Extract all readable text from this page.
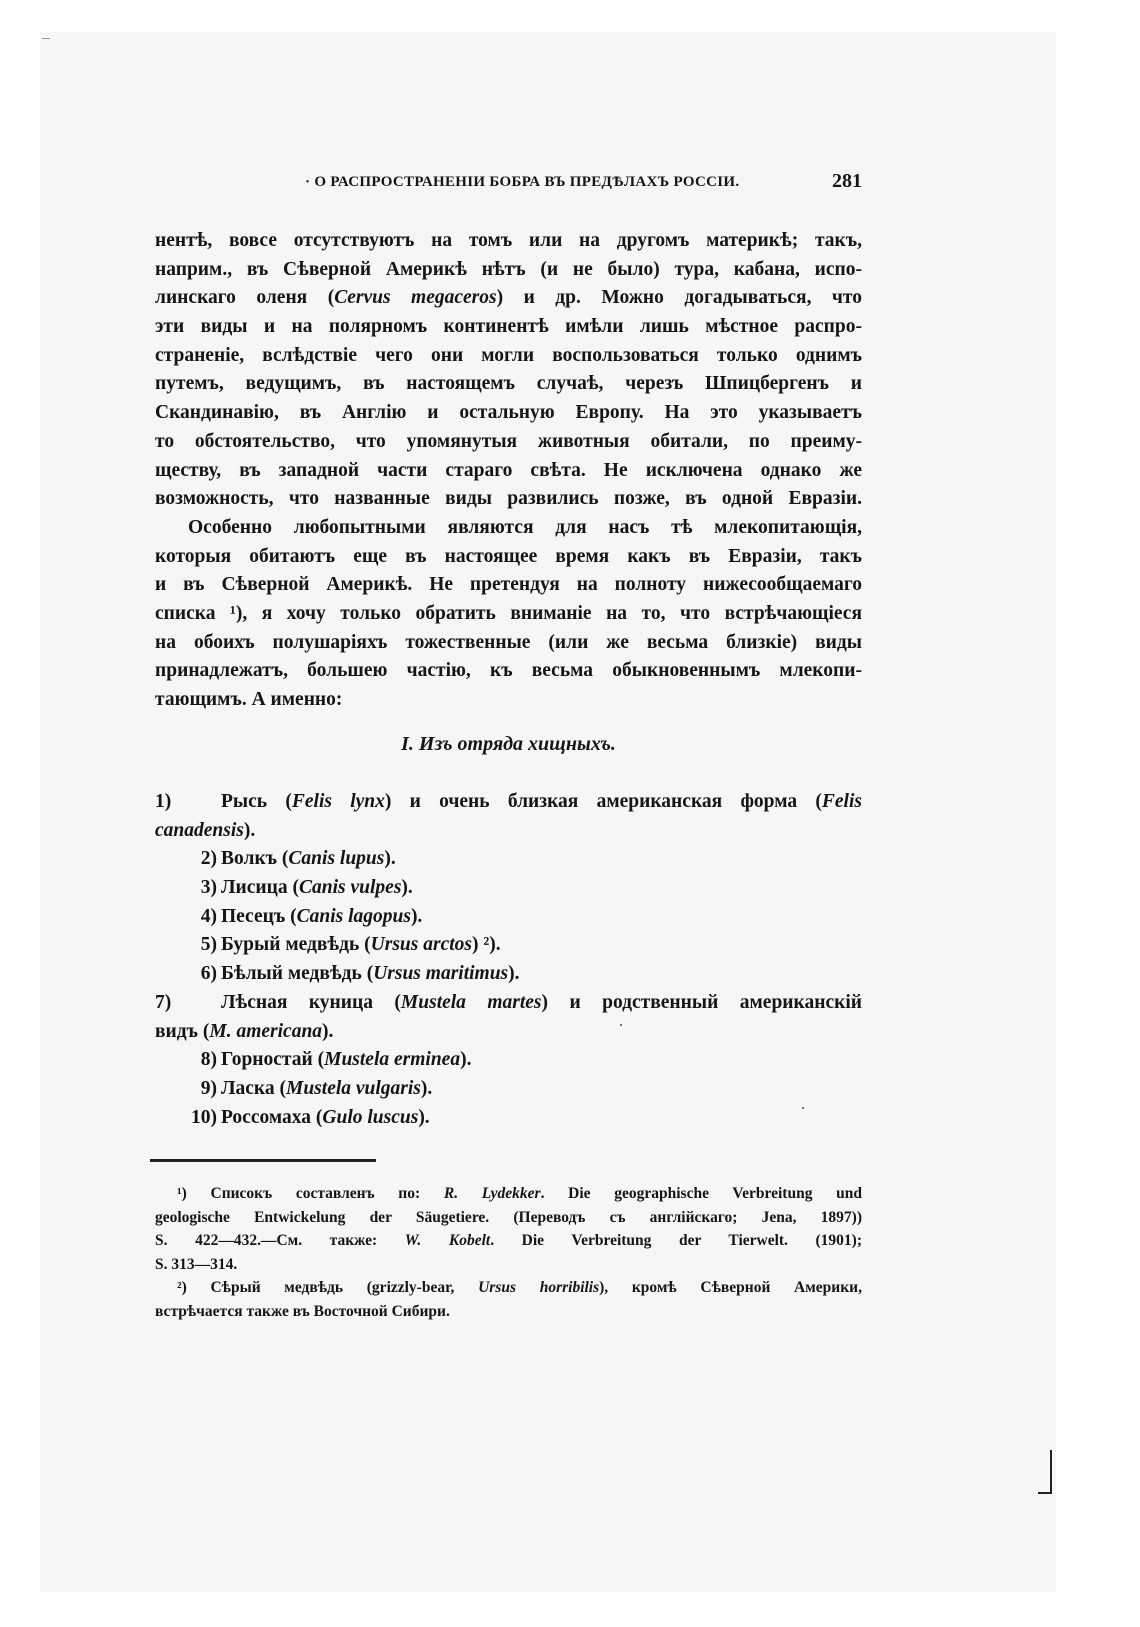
· О РАСПРОСТРАНЕНІИ БОБРА ВЪ ПРЕДѢЛАХЪ РОССІИ.	281
нентѣ, вовсе отсутствуютъ на томъ или на другомъ материкѣ; такъ,
наприм., въ Сѣверной Америкѣ нѣтъ (и не было) тура, кабана, испо-
линскаго оленя (Cervus megaceros) и др. Можно догадываться, что
эти виды и на полярномъ континентѣ имѣли лишь мѣстное распро-
страненіе, вслѣдствіе чего они могли воспользоваться только однимъ
путемъ, ведущимъ, въ настоящемъ случаѣ, черезъ Шпицбергенъ и
Скандинавію, въ Англію и остальную Европу. На это указываетъ
то обстоятельство, что упомянутыя животныя обитали, по преиму-
ществу, въ западной части стараго свѣта. Не исключена однако же
возможность, что названные виды развились позже, въ одной Евразіи.
Особенно любопытными являются для насъ тѣ млекопитающія,
которыя обитаютъ еще въ настоящее время какъ въ Евразіи, такъ
и въ Сѣверной Америкѣ. Не претендуя на полноту нижесообщаемаго
списка ¹), я хочу только обратить вниманіе на то, что встрѣчающіеся
на обоихъ полушаріяхъ тожественные (или же весьма близкіе) виды
принадлежатъ, большею частію, къ весьма обыкновеннымъ млекопи-
тающимъ. А именно:
I. Изъ отряда хищныхъ.
1)	Рысь (Felis lynx) и очень близкая американская форма (Felis
canadensis).
2) Волкъ (Canis lupus).
3) Лисица (Canis vulpes).
4) Песецъ (Canis lagopus).
5) Бурый медвѣдь (Ursus arctos) ²).
6) Бѣлый медвѣдь (Ursus maritimus).
7)	Лѣсная куница (Mustela martes) и родственный американскій
видъ (M. americana).
8) Горностай (Mustela erminea).
9) Ласка (Mustela vulgaris).
10) Россомаха (Gulo luscus).
¹) Списокъ составленъ по: R. Lydekker. Die geographische Verbreitung und
geologische Entwickelung der Säugetiere. (Переводъ съ англійскаго; Jena, 1897))
S. 422—432.—См. также: W. Kobelt. Die Verbreitung der Tierwelt. (1901);
S. 313—314.
²) Сѣрый медвѣдь (grizzly-bear, Ursus horribilis), кромѣ Сѣверной Америки,
встрѣчается также въ Восточной Сибири.
